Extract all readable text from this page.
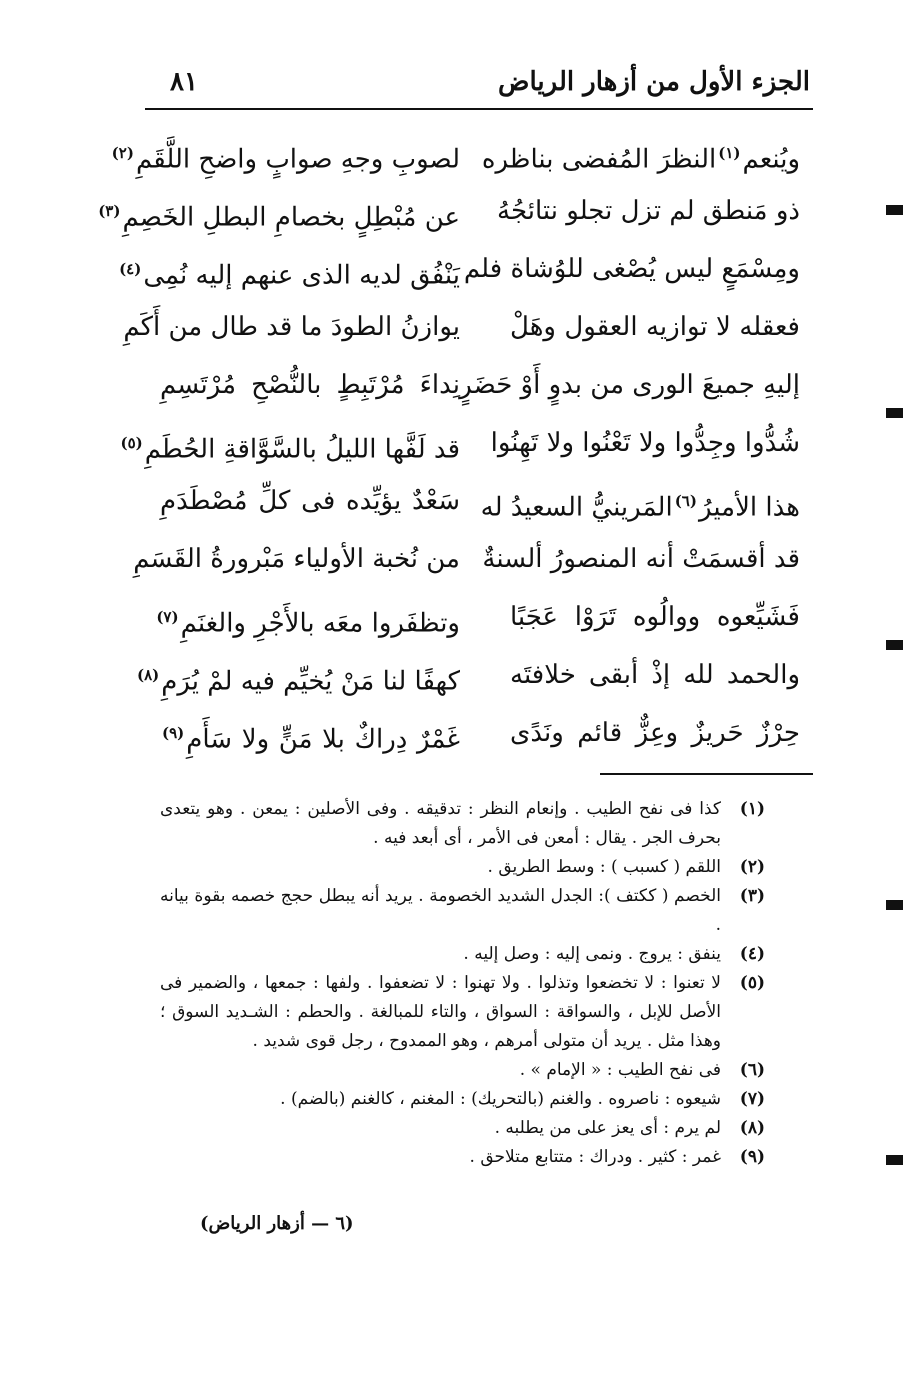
الجزء الأول من أزهار الرياض
٨١
ويُنعم$^{(١)}$النظرَ المُفضى بناظره
لصوبِ وجهِ صوابٍ واضحِ اللَّقَمِ$^{(٢)}$
ذو مَنطق لم تزل تجلو نتائجُهُ
عن مُبْطِلٍ بخصامِ البطلِ الخَصِمِ$^{(٣)}$
ومِسْمَعٍ ليس يُصْغى للوُشاة فلم
يَنْفُق لديه الذى عنهم إليه نُمِى$^{(٤)}$
فعقله لا توازيه العقول وهَلْ
يوازنُ الطودَ ما قد طال من أَكَمِ
إليهِ جميعَ الورى من بدوٍ أَوْ حَضَرٍ
نِداءَ مُرْتَبِطٍ بالنُّصْحِ مُرْتَسِمِ
شُدُّوا وجِدُّوا ولا تَعْنُوا ولا تَهِنُوا
قد لَفَّها الليلُ بالسَّوَّاقةِ الحُطَمِ$^{(٥)}$
هذا الأميرُ$^{(٦)}$المَرينيُّ السعيدُ له
سَعْدٌ يؤيِّده فى كلِّ مُصْطَدَمِ
قد أقسمَتْ أنه المنصورُ ألسنةٌ
من نُخبة الأولياء مَبْرورةُ القَسَمِ
فَشَيِّعوه ووالُوه تَرَوْا عَجَبًا
وتظفَروا معَه بالأَجْرِ والغنَمِ$^{(٧)}$
والحمد لله إذْ أبقى خلافتَه
كهفًا لنا مَنْ يُخيِّم فيه لمْ يُرَمِ$^{(٨)}$
حِرْزٌ حَريزٌ وعِزٌّ قائم ونَدًى
غَمْرٌ دِراكٌ بلا مَنٍّ ولا سَأَمِ$^{(٩)}$
(١)
كذا فى نفح الطيب . وإنعام النظر : تدقيقه . وفى الأصلين : يمعن . وهو يتعدى بحرف الجر . يقال : أمعن فى الأمر ، أى أبعد فيه .
(٢)
اللقم ( كسبب ) : وسط الطريق .
(٣)
الخصم ( ككتف ): الجدل الشديد الخصومة . يريد أنه يبطل حجج خصمه بقوة بيانه .
(٤)
ينفق : يروج . ونمى إليه : وصل إليه .
(٥)
لا تعنوا : لا تخضعوا وتذلوا . ولا تهنوا : لا تضعفوا . ولفها : جمعها ، والضمير فى الأصل للإبل ، والسواقة : السواق ، والتاء للمبالغة . والحطم : الشـديد السوق ؛ وهذا مثل . يريد أن متولى أمرهم ، وهو الممدوح ، رجل قوى شديد .
(٦)
فى نفح الطيب : « الإمام » .
(٧)
شيعوه : ناصروه . والغنم (بالتحريك) : المغنم ، كالغنم (بالضم) .
(٨)
لم يرم : أى يعز على من يطلبه .
(٩)
غمر : كثير . ودراك : متتابع متلاحق .
(٦ — أزهار الرياض)
